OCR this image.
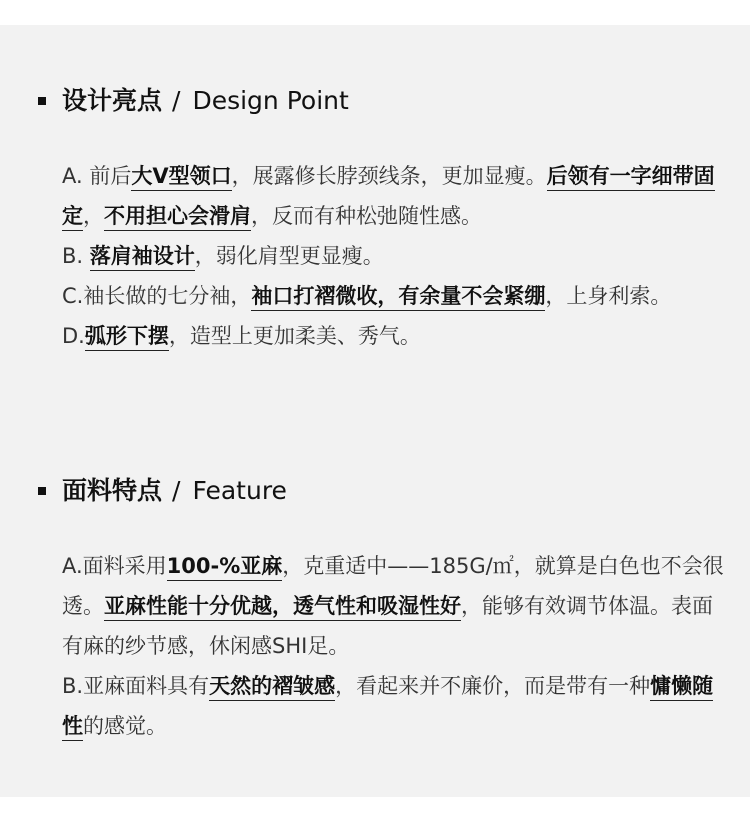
设计亮点 / Design Point

A. 前后大V型领口，展露修长脖颈线条，更加显瘦。后领有一字细带固定，不用担心会滑肩，反而有种松弛随性感。

B. 落肩袖设计，弱化肩型更显瘦。

C.袖长做的七分袖，袖口打褶微收，有余量不会紧绷，上身利索。

D.弧形下摆，造型上更加柔美、秀气。

面料特点 / Feature

A.面料采用100-%亚麻，克重适中——185G/㎡，就算是白色也不会很透。亚麻性能十分优越，透气性和吸湿性好，能够有效调节体温。表面有麻的纱节感，休闲感SHI足。

B.亚麻面料具有天然的褶皱感，看起来并不廉价，而是带有一种慵懒随性的感觉。
